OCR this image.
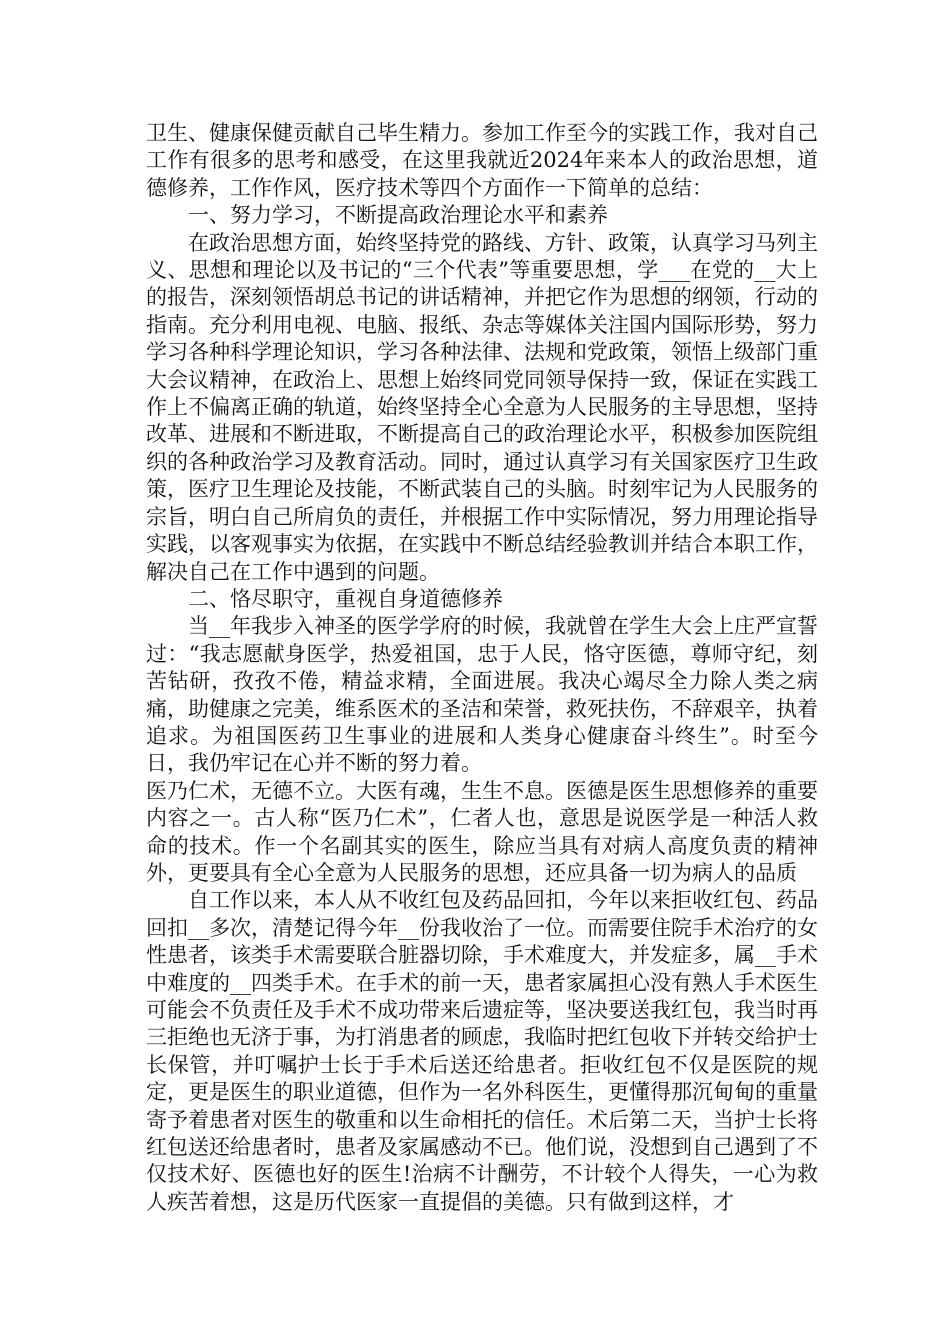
卫生、健康保健贡献自己毕生精力。参加工作至今的实践工作，我对自己工作有很多的思考和感受，在这里我就近2024年来本人的政治思想，道德修养，工作作风，医疗技术等四个方面作一下简单的总结：

一、努力学习，不断提高政治理论水平和素养

在政治思想方面，始终坚持党的路线、方针、政策，认真学习马列主义、思想和理论以及书记的“三个代表”等重要思想，学___在党的__大上的报告，深刻领悟胡总书记的讲话精神，并把它作为思想的纲领，行动的指南。充分利用电视、电脑、报纸、杂志等媒体关注国内国际形势，努力学习各种科学理论知识，学习各种法律、法规和党政策，领悟上级部门重大会议精神，在政治上、思想上始终同党同领导保持一致，保证在实践工作上不偏离正确的轨道，始终坚持全心全意为人民服务的主导思想，坚持改革、进展和不断进取，不断提高自己的政治理论水平，积极参加医院组织的各种政治学习及教育活动。同时，通过认真学习有关国家医疗卫生政策，医疗卫生理论及技能，不断武装自己的头脑。时刻牢记为人民服务的宗旨，明白自己所肩负的责任，并根据工作中实际情况，努力用理论指导实践，以客观事实为依据，在实践中不断总结经验教训并结合本职工作，解决自己在工作中遇到的问题。

二、恪尽职守，重视自身道德修养

当__年我步入神圣的医学学府的时候，我就曾在学生大会上庄严宣誓过：“我志愿献身医学，热爱祖国，忠于人民，恪守医德，尊师守纪，刻苦钻研，孜孜不倦，精益求精，全面进展。我决心竭尽全力除人类之病痛，助健康之完美，维系医术的圣洁和荣誉，救死扶伤，不辞艰辛，执着追求。为祖国医药卫生事业的进展和人类身心健康奋斗终生”。时至今日，我仍牢记在心并不断的努力着。

医乃仁术，无德不立。大医有魂，生生不息。医德是医生思想修养的重要内容之一。古人称“医乃仁术”，仁者人也，意思是说医学是一种活人救命的技术。作一个名副其实的医生，除应当具有对病人高度负责的精神外，更要具有全心全意为人民服务的思想，还应具备一切为病人的品质

自工作以来，本人从不收红包及药品回扣，今年以来拒收红包、药品回扣__多次，清楚记得今年__份我收治了一位。而需要住院手术治疗的女性患者，该类手术需要联合脏器切除，手术难度大，并发症多，属__手术中难度的__四类手术。在手术的前一天，患者家属担心没有熟人手术医生可能会不负责任及手术不成功带来后遗症等，坚决要送我红包，我当时再三拒绝也无济于事，为打消患者的顾虑，我临时把红包收下并转交给护士长保管，并叮嘱护士长于手术后送还给患者。拒收红包不仅是医院的规定，更是医生的职业道德，但作为一名外科医生，更懂得那沉甸甸的重量寄予着患者对医生的敬重和以生命相托的信任。术后第二天，当护士长将红包送还给患者时，患者及家属感动不已。他们说，没想到自己遇到了不仅技术好、医德也好的医生!治病不计酬劳，不计较个人得失，一心为救人疾苦着想，这是历代医家一直提倡的美德。只有做到这样，才
